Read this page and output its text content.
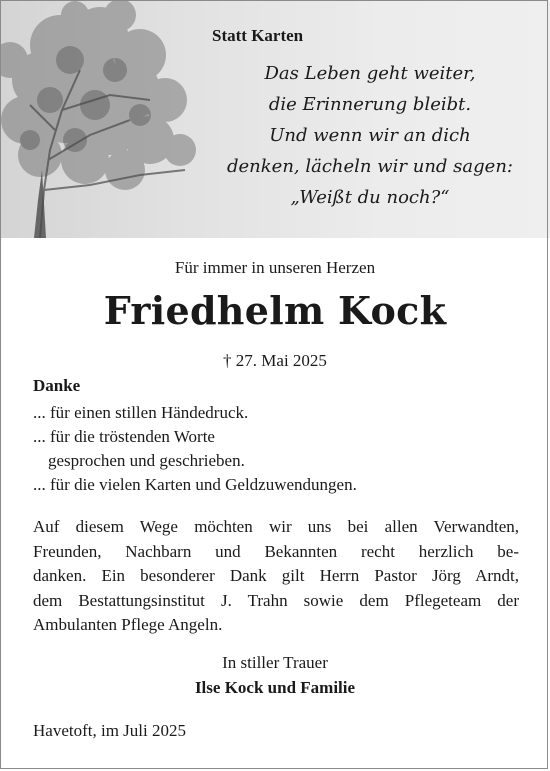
Statt Karten
Das Leben geht weiter,
die Erinnerung bleibt.
Und wenn wir an dich
denken, lächeln wir und sagen:
„Weißt du noch?“
Für immer in unseren Herzen
Friedhelm Kock
† 27. Mai 2025
Danke
... für einen stillen Händedruck.
... für die tröstenden Worte
gesprochen und geschrieben.
... für die vielen Karten und Geldzuwendungen.
Auf diesem Wege möchten wir uns bei allen Verwandten,
Freunden, Nachbarn und Bekannten recht herzlich be-
danken. Ein besonderer Dank gilt Herrn Pastor Jörg Arndt,
dem Bestattungsinstitut J. Trahn sowie dem Pflegeteam der
Ambulanten Pflege Angeln.
In stiller Trauer
Ilse Kock und Familie
Havetoft, im Juli 2025
